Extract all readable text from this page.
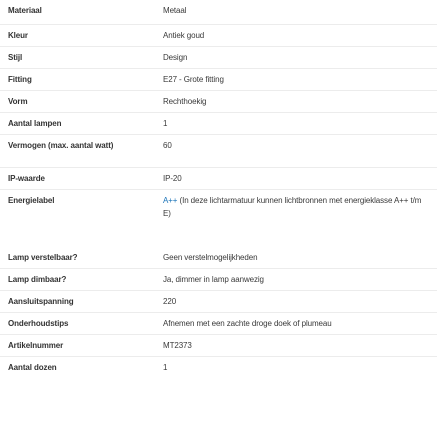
Materiaal	Metaal
Kleur	Antiek goud
Stijl	Design
Fitting	E27 - Grote fitting
Vorm	Rechthoekig
Aantal lampen	1
Vermogen (max. aantal watt)	60
IP-waarde	IP-20
Energielabel	A++ (In deze lichtarmatuur kunnen lichtbronnen met energieklasse A++ t/m E)
Lamp verstelbaar?	Geen verstelmogelijkheden
Lamp dimbaar?	Ja, dimmer in lamp aanwezig
Aansluitspanning	220
Onderhoudstips	Afnemen met een zachte droge doek of plumeau
Artikelnummer	MT2373
Aantal dozen	1
